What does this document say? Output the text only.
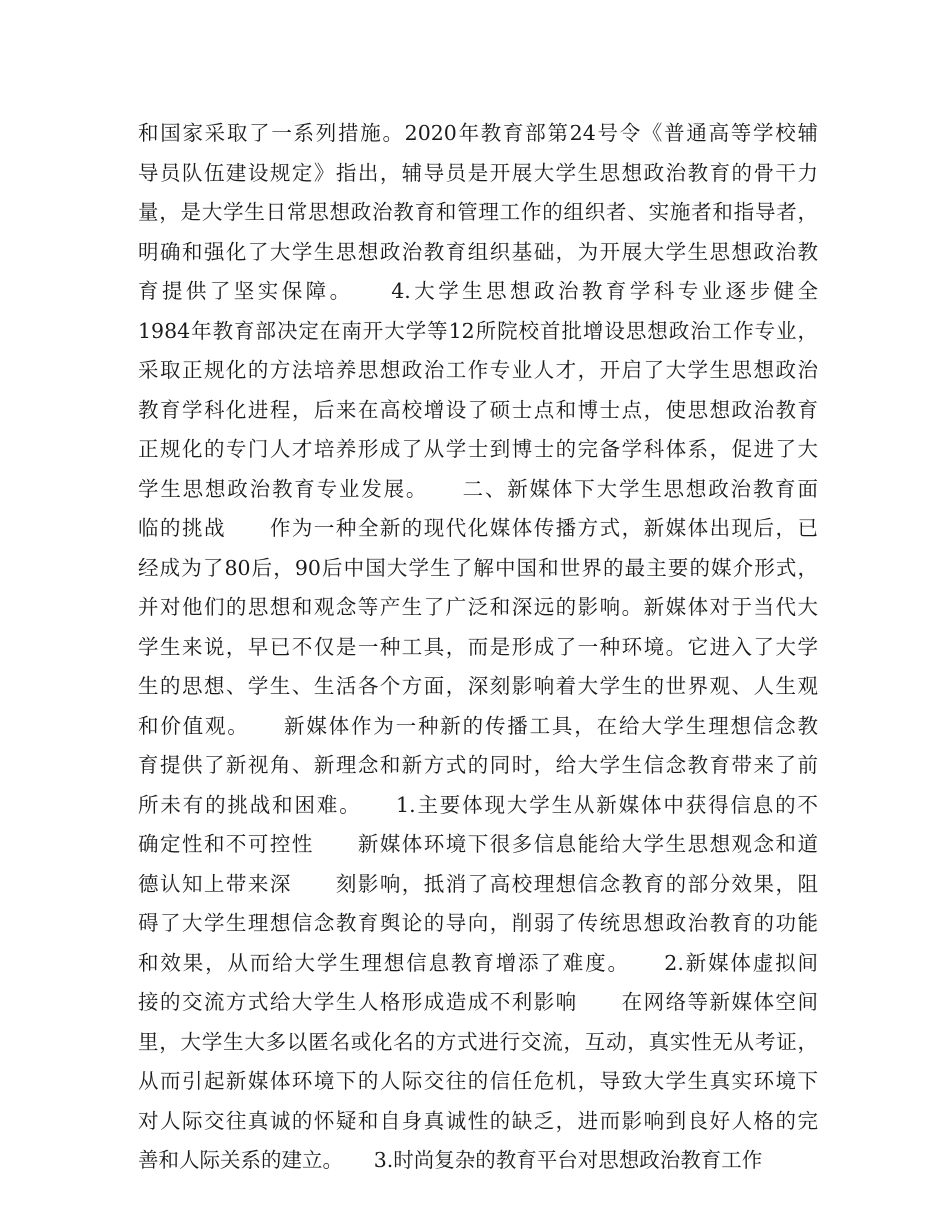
和国家采取了一系列措施。2020年教育部第24号令《普通高等学校辅
导员队伍建设规定》指出，辅导员是开展大学生思想政治教育的骨干力
量，是大学生日常思想政治教育和管理工作的组织者、实施者和指导者，
明确和强化了大学生思想政治教育组织基础，为开展大学生思想政治教
育提供了坚实保障。　　4.大学生思想政治教育学科专业逐步健全
1984年教育部决定在南开大学等12所院校首批增设思想政治工作专业，
采取正规化的方法培养思想政治工作专业人才，开启了大学生思想政治
教育学科化进程，后来在高校增设了硕士点和博士点，使思想政治教育
正规化的专门人才培养形成了从学士到博士的完备学科体系，促进了大
学生思想政治教育专业发展。　　二、新媒体下大学生思想政治教育面
临的挑战　　作为一种全新的现代化媒体传播方式，新媒体出现后，已
经成为了80后，90后中国大学生了解中国和世界的最主要的媒介形式，
并对他们的思想和观念等产生了广泛和深远的影响。新媒体对于当代大
学生来说，早已不仅是一种工具，而是形成了一种环境。它进入了大学
生的思想、学生、生活各个方面，深刻影响着大学生的世界观、人生观
和价值观。　　新媒体作为一种新的传播工具，在给大学生理想信念教
育提供了新视角、新理念和新方式的同时，给大学生信念教育带来了前
所未有的挑战和困难。　　1.主要体现大学生从新媒体中获得信息的不
确定性和不可控性　　新媒体环境下很多信息能给大学生思想观念和道
德认知上带来深　　刻影响，抵消了高校理想信念教育的部分效果，阻
碍了大学生理想信念教育舆论的导向，削弱了传统思想政治教育的功能
和效果，从而给大学生理想信息教育增添了难度。　　2.新媒体虚拟间
接的交流方式给大学生人格形成造成不利影响　　在网络等新媒体空间
里，大学生大多以匿名或化名的方式进行交流，互动，真实性无从考证，
从而引起新媒体环境下的人际交往的信任危机，导致大学生真实环境下
对人际交往真诚的怀疑和自身真诚性的缺乏，进而影响到良好人格的完
善和人际关系的建立。　　3.时尚复杂的教育平台对思想政治教育工作
